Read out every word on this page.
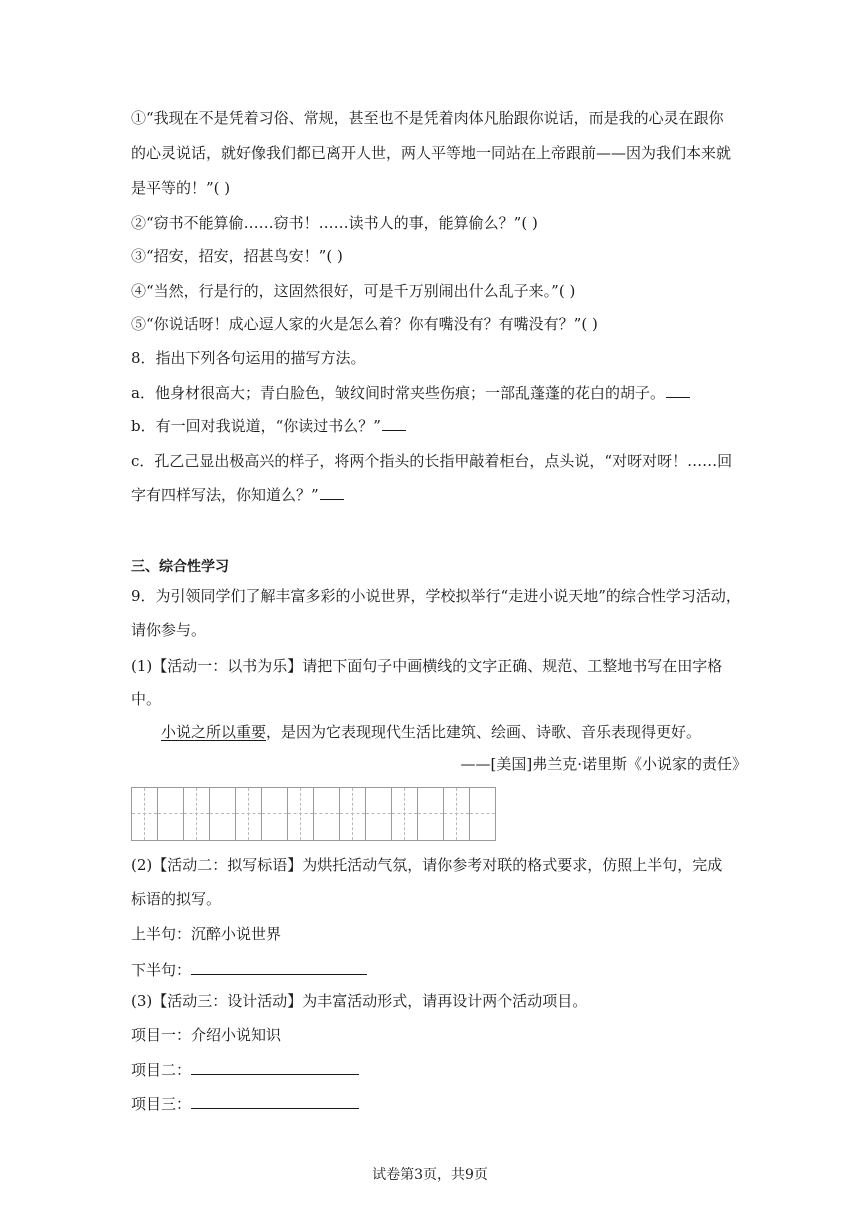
①“我现在不是凭着习俗、常规，甚至也不是凭着肉体凡胎跟你说话，而是我的心灵在跟你
的心灵说话，就好像我们都已离开人世，两人平等地一同站在上帝跟前——因为我们本来就
是平等的！”( )
②“窃书不能算偷……窃书！……读书人的事，能算偷么？”( )
③“招安，招安，招甚鸟安！”( )
④“当然，行是行的，这固然很好，可是千万别闹出什么乱子来。”( )
⑤“你说话呀！成心逗人家的火是怎么着？你有嘴没有？有嘴没有？”( )
8．指出下列各句运用的描写方法。
a．他身材很高大；青白脸色，皱纹间时常夹些伤痕；一部乱蓬蓬的花白的胡子。
b．有一回对我说道，“你读过书么？”
c．孔乙己显出极高兴的样子，将两个指头的长指甲敲着柜台，点头说，“对呀对呀！……回
字有四样写法，你知道么？”
三、综合性学习
9．为引领同学们了解丰富多彩的小说世界，学校拟举行“走进小说天地”的综合性学习活动，
请你参与。
(1)【活动一：以书为乐】请把下面句子中画横线的文字正确、规范、工整地书写在田字格
中。
小说之所以重要，是因为它表现现代生活比建筑、绘画、诗歌、音乐表现得更好。
——[美国]弗兰克·诺里斯《小说家的责任》
(2)【活动二：拟写标语】为烘托活动气氛，请你参考对联的格式要求，仿照上半句，完成
标语的拟写。
上半句：沉醉小说世界
下半句：
(3)【活动三：设计活动】为丰富活动形式，请再设计两个活动项目。
项目一：介绍小说知识
项目二：
项目三：
试卷第3页，共9页
